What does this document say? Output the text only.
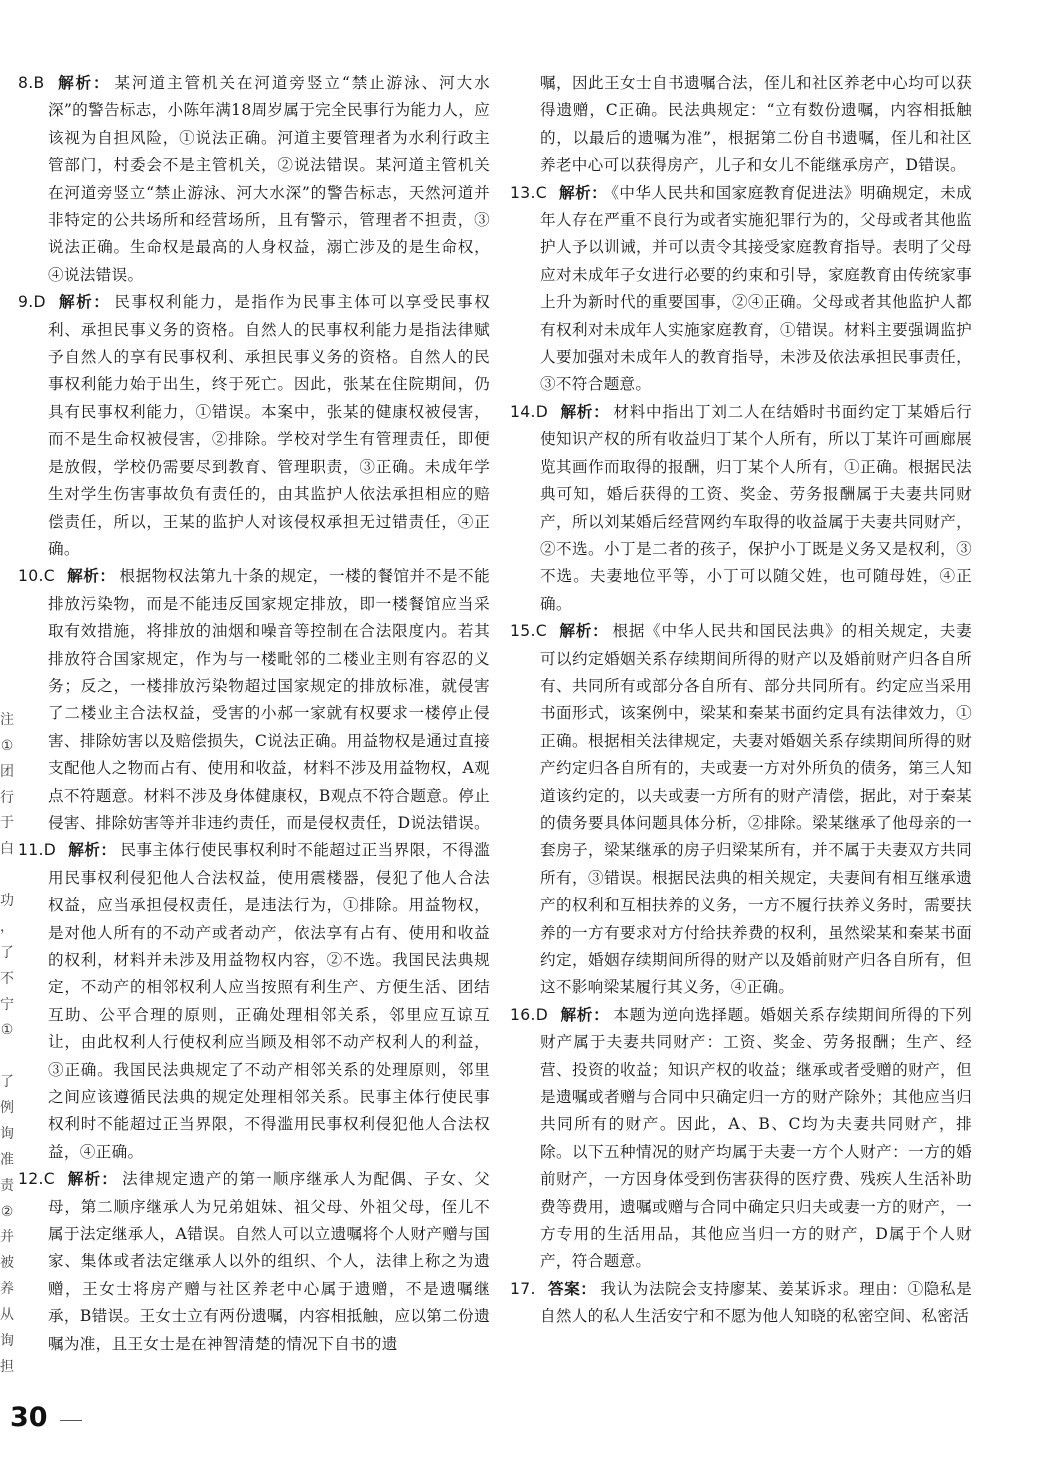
注
①
团
行
于
白
功
，
了
不
宁
①
了
例
询
准
责
②
并
被
养
从
询
担

8.B 解析： 某河道主管机关在河道旁竖立“禁止游泳、河大水深”的警告标志，小陈年满18周岁属于完全民事行为能力人，应该视为自担风险，①说法正确。河道主要管理者为水利行政主管部门，村委会不是主管机关，②说法错误。某河道主管机关在河道旁竖立“禁止游泳、河大水深”的警告标志，天然河道并非特定的公共场所和经营场所，且有警示，管理者不担责，③说法正确。生命权是最高的人身权益，溺亡涉及的是生命权，④说法错误。

9.D 解析： 民事权利能力，是指作为民事主体可以享受民事权利、承担民事义务的资格。自然人的民事权利能力是指法律赋予自然人的享有民事权利、承担民事义务的资格。自然人的民事权利能力始于出生，终于死亡。因此，张某在住院期间，仍具有民事权利能力，①错误。本案中，张某的健康权被侵害，而不是生命权被侵害，②排除。学校对学生有管理责任，即便是放假，学校仍需要尽到教育、管理职责，③正确。未成年学生对学生伤害事故负有责任的，由其监护人依法承担相应的赔偿责任，所以，王某的监护人对该侵权承担无过错责任，④正确。

10.C 解析： 根据物权法第九十条的规定，一楼的餐馆并不是不能排放污染物，而是不能违反国家规定排放，即一楼餐馆应当采取有效措施，将排放的油烟和噪音等控制在合法限度内。若其排放符合国家规定，作为与一楼毗邻的二楼业主则有容忍的义务；反之，一楼排放污染物超过国家规定的排放标准，就侵害了二楼业主合法权益，受害的小郝一家就有权要求一楼停止侵害、排除妨害以及赔偿损失，C说法正确。用益物权是通过直接支配他人之物而占有、使用和收益，材料不涉及用益物权，A观点不符题意。材料不涉及身体健康权，B观点不符合题意。停止侵害、排除妨害等并非违约责任，而是侵权责任，D说法错误。

11.D 解析： 民事主体行使民事权利时不能超过正当界限，不得滥用民事权利侵犯他人合法权益，使用震楼器，侵犯了他人合法权益，应当承担侵权责任，是违法行为，①排除。用益物权，是对他人所有的不动产或者动产，依法享有占有、使用和收益的权利，材料并未涉及用益物权内容，②不选。我国民法典规定，不动产的相邻权利人应当按照有利生产、方便生活、团结互助、公平合理的原则，正确处理相邻关系，邻里应互谅互让，由此权利人行使权利应当顾及相邻不动产权利人的利益，③正确。我国民法典规定了不动产相邻关系的处理原则，邻里之间应该遵循民法典的规定处理相邻关系。民事主体行使民事权利时不能超过正当界限，不得滥用民事权利侵犯他人合法权益，④正确。

12.C 解析： 法律规定遗产的第一顺序继承人为配偶、子女、父母，第二顺序继承人为兄弟姐妹、祖父母、外祖父母，侄儿不属于法定继承人，A错误。自然人可以立遗嘱将个人财产赠与国家、集体或者法定继承人以外的组织、个人，法律上称之为遗赠，王女士将房产赠与社区养老中心属于遗赠，不是遗嘱继承，B错误。王女士立有两份遗嘱，内容相抵触，应以第二份遗嘱为准，且王女士是在神智清楚的情况下自书的遗

嘱，因此王女士自书遗嘱合法，侄儿和社区养老中心均可以获得遗赠，C正确。民法典规定：“立有数份遗嘱，内容相抵触的，以最后的遗嘱为准”，根据第二份自书遗嘱，侄儿和社区养老中心可以获得房产，儿子和女儿不能继承房产，D错误。

13.C 解析： 《中华人民共和国家庭教育促进法》明确规定，未成年人存在严重不良行为或者实施犯罪行为的，父母或者其他监护人予以训诫，并可以责令其接受家庭教育指导。表明了父母应对未成年子女进行必要的约束和引导，家庭教育由传统家事上升为新时代的重要国事，②④正确。父母或者其他监护人都有权利对未成年人实施家庭教育，①错误。材料主要强调监护人要加强对未成年人的教育指导，未涉及依法承担民事责任，③不符合题意。

14.D 解析： 材料中指出丁刘二人在结婚时书面约定丁某婚后行使知识产权的所有收益归丁某个人所有，所以丁某许可画廊展览其画作而取得的报酬，归丁某个人所有，①正确。根据民法典可知，婚后获得的工资、奖金、劳务报酬属于夫妻共同财产，所以刘某婚后经营网约车取得的收益属于夫妻共同财产，②不选。小丁是二者的孩子，保护小丁既是义务又是权利，③不选。夫妻地位平等，小丁可以随父姓，也可随母姓，④正确。

15.C 解析： 根据《中华人民共和国民法典》的相关规定，夫妻可以约定婚姻关系存续期间所得的财产以及婚前财产归各自所有、共同所有或部分各自所有、部分共同所有。约定应当采用书面形式，该案例中，梁某和秦某书面约定具有法律效力，①正确。根据相关法律规定，夫妻对婚姻关系存续期间所得的财产约定归各自所有的，夫或妻一方对外所负的债务，第三人知道该约定的，以夫或妻一方所有的财产清偿，据此，对于秦某的债务要具体问题具体分析，②排除。梁某继承了他母亲的一套房子，梁某继承的房子归梁某所有，并不属于夫妻双方共同所有，③错误。根据民法典的相关规定，夫妻间有相互继承遗产的权利和互相扶养的义务，一方不履行扶养义务时，需要扶养的一方有要求对方付给扶养费的权利，虽然梁某和秦某书面约定，婚姻存续期间所得的财产以及婚前财产归各自所有，但这不影响梁某履行其义务，④正确。

16.D 解析： 本题为逆向选择题。婚姻关系存续期间所得的下列财产属于夫妻共同财产：工资、奖金、劳务报酬；生产、经营、投资的收益；知识产权的收益；继承或者受赠的财产，但是遗嘱或者赠与合同中只确定归一方的财产除外；其他应当归共同所有的财产。因此，A、B、C均为夫妻共同财产，排除。以下五种情况的财产均属于夫妻一方个人财产：一方的婚前财产，一方因身体受到伤害获得的医疗费、残疾人生活补助费等费用，遗嘱或赠与合同中确定只归夫或妻一方的财产，一方专用的生活用品，其他应当归一方的财产，D属于个人财产，符合题意。

17. 答案： 我认为法院会支持廖某、姜某诉求。理由：①隐私是自然人的私人生活安宁和不愿为他人知晓的私密空间、私密活

30
